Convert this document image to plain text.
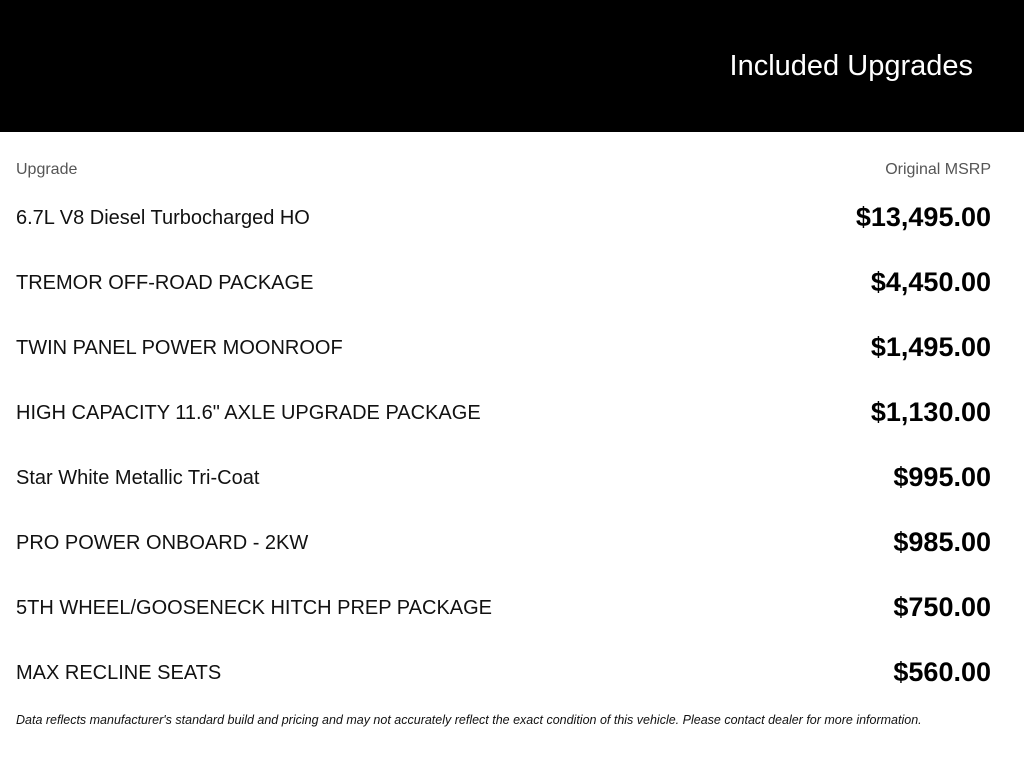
Included Upgrades
Upgrade	Original MSRP
6.7L V8 Diesel Turbocharged HO	$13,495.00
TREMOR OFF-ROAD PACKAGE	$4,450.00
TWIN PANEL POWER MOONROOF	$1,495.00
HIGH CAPACITY 11.6" AXLE UPGRADE PACKAGE	$1,130.00
Star White Metallic Tri-Coat	$995.00
PRO POWER ONBOARD - 2KW	$985.00
5TH WHEEL/GOOSENECK HITCH PREP PACKAGE	$750.00
MAX RECLINE SEATS	$560.00
Data reflects manufacturer's standard build and pricing and may not accurately reflect the exact condition of this vehicle. Please contact dealer for more information.
